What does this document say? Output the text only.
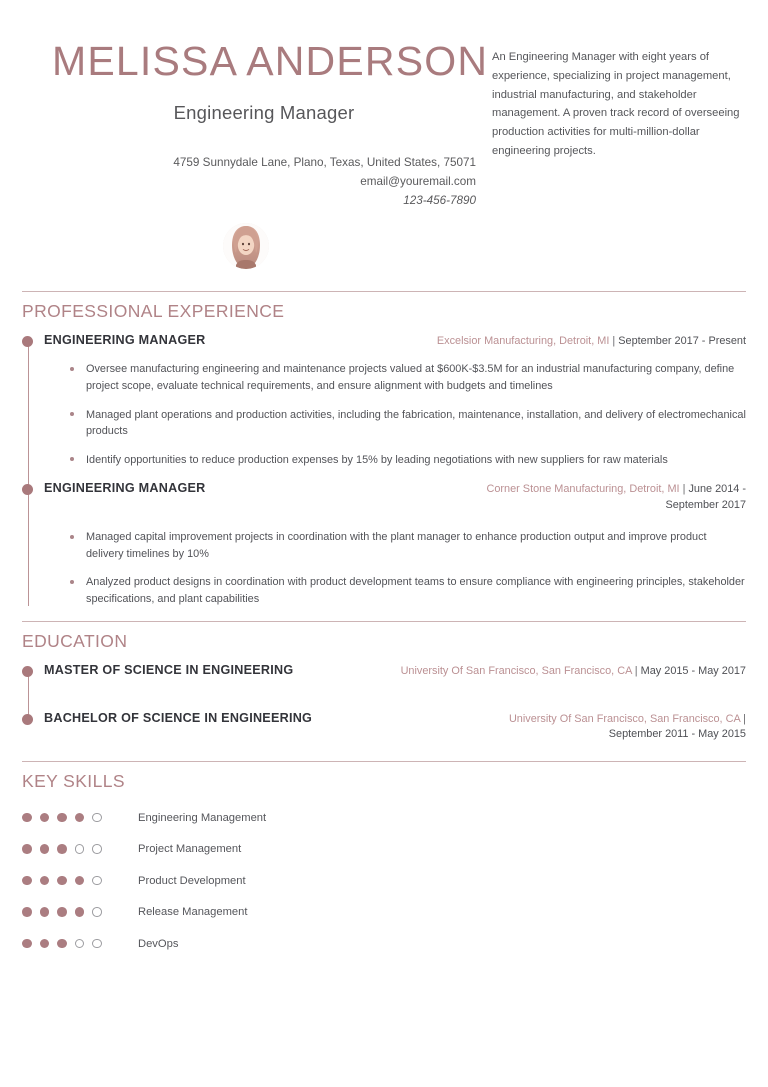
MELISSA ANDERSON
Engineering Manager
4759 Sunnydale Lane, Plano, Texas, United States, 75071
email@youremail.com
123-456-7890
An Engineering Manager with eight years of experience, specializing in project management, industrial manufacturing, and stakeholder management. A proven track record of overseeing production activities for multi-million-dollar engineering projects.
PROFESSIONAL EXPERIENCE
ENGINEERING MANAGER	Excelsior Manufacturing, Detroit, MI | September 2017 - Present
Oversee manufacturing engineering and maintenance projects valued at $600K-$3.5M for an industrial manufacturing company, define project scope, evaluate technical requirements, and ensure alignment with budgets and timelines
Managed plant operations and production activities, including the fabrication, maintenance, installation, and delivery of electromechanical products
Identify opportunities to reduce production expenses by 15% by leading negotiations with new suppliers for raw materials
ENGINEERING MANAGER	Corner Stone Manufacturing, Detroit, MI | June 2014 - September 2017
Managed capital improvement projects in coordination with the plant manager to enhance production output and improve product delivery timelines by 10%
Analyzed product designs in coordination with product development teams to ensure compliance with engineering principles, stakeholder specifications, and plant capabilities
EDUCATION
MASTER OF SCIENCE IN ENGINEERING	University Of San Francisco, San Francisco, CA | May 2015 - May 2017
BACHELOR OF SCIENCE IN ENGINEERING	University Of San Francisco, San Francisco, CA | September 2011 - May 2015
KEY SKILLS
Engineering Management
Project Management
Product Development
Release Management
DevOps
